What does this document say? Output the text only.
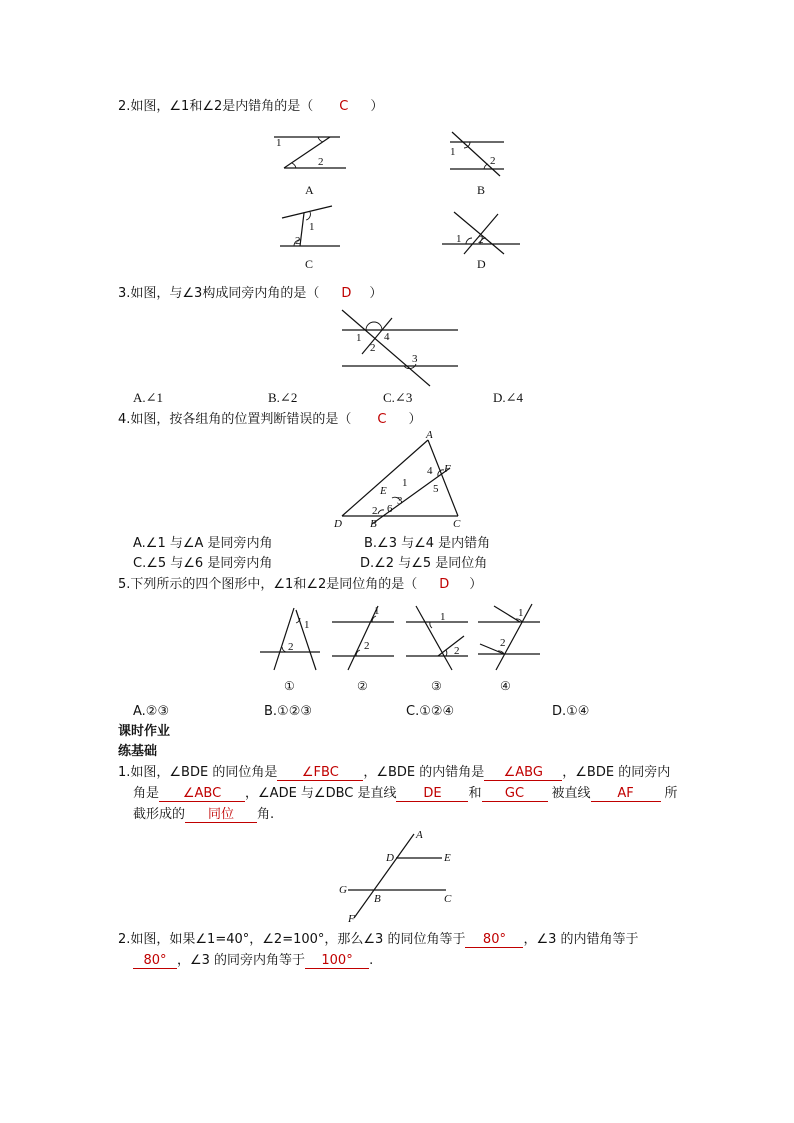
2.如图，∠1和∠2是内错角的是（ C ）
1
2
A
1
2
B
1
2
C
1 2
D
3.如图，与∠3构成同旁内角的是（ D ）
1 4
2
3
A.∠1	B.∠2	C.∠3	D.∠4
4.如图，按各组角的位置判断错误的是（ C ）
A
F
4
5
1
E
3
6
2
D	B	C
A.∠1 与∠A 是同旁内角	B.∠3 与∠4 是内错角
C.∠5 与∠6 是同旁内角	D.∠2 与∠5 是同位角
5.下列所示的四个图形中，∠1和∠2是同位角的是（ D ）
1
2
①
1
2
②
1
2
③
1
2
④
A.②③	B.①②③	C.①②④	D.①④
课时作业
练基础
1.如图，∠BDE 的同位角是 ∠FBC ，∠BDE 的内错角是 ∠ABG ，∠BDE 的同旁内
角是 ∠ABC ，∠ADE 与∠DBC 是直线 DE 和 GC 被直线 AF 所
截形成的 同位 角.
A
D	E
G
B	C
F
2.如图，如果∠1=40°，∠2=100°，那么∠3 的同位角等于 80° ，∠3 的内错角等于
80° ，∠3 的同旁内角等于 100° .
